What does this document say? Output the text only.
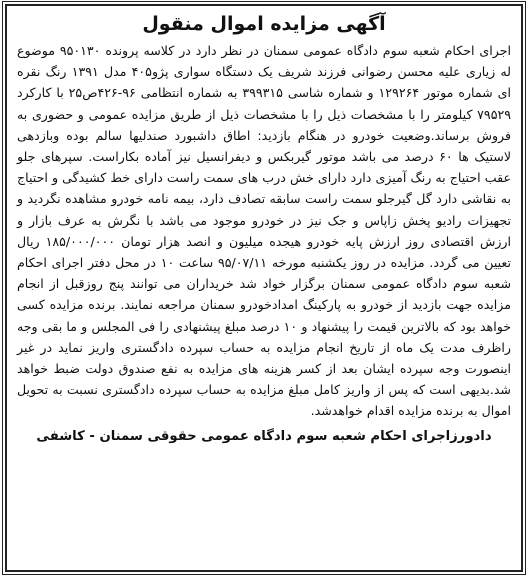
آگهی مزایده اموال منقول

اجرای احکام شعبه سوم دادگاه عمومی سمنان در نظر دارد در کلاسه پرونده ۹۵۰۱۳۰ موضوع له زیاری علیه محسن رضوانی فرزند شریف یک دستگاه سواری پژو۴۰۵ مدل ۱۳۹۱ رنگ نقره ای شماره موتور ۱۲۹۲۶۴ و شماره شاسی ۳۹۹۳۱۵ به شماره انتظامی ۹۶-۴۲۶ص۲۵ با کارکرد ۷۹۵۲۹ کیلومتر را با مشخصات ذیل را با مشخصات ذیل از طریق مزایده عمومی و حضوری به فروش برساند.وضعیت خودرو در هنگام بازدید: اطاق داشبورد صندلیها سالم بوده وبازدهی لاستیک ها ۶۰ درصد می باشد موتور گیربکس و دیفرانسیل نیز آماده بکاراست. سپرهای جلو عقب احتیاج به رنگ آمیزی دارد دارای خش درب های سمت راست دارای خط کشیدگی و احتیاج به نقاشی دارد گل گیرجلو سمت راست سابقه تصادف دارد، بیمه نامه خودرو مشاهده نگردید و تجهیزات رادیو پخش زاپاس و جک نیز در خودرو موجود می باشد با نگرش به عرف بازار و ارزش اقتصادی روز ارزش پایه خودرو هیجده میلیون و انصد هزار تومان ۱۸۵/۰۰۰/۰۰۰ ریال تعیین می گردد. مزایده در روز یکشنبه مورخه ۹۵/۰۷/۱۱ ساعت ۱۰ در محل دفتر اجرای احکام شعبه سوم دادگاه عمومی سمنان برگزار خواد شد خریداران می توانند پنج روزقبل از انجام مزایده جهت بازدید از خودرو به پارکینگ امدادخودرو سمنان مراجعه نمایند. برنده مزایده کسی خواهد بود که بالاترین قیمت را پیشنهاد و ۱۰ درصد مبلغ پیشنهادی را فی المجلس و ما بقی وجه راظرف مدت یک ماه از تاریخ انجام مزایده به حساب سپرده دادگستری واریز نماید در غیر اینصورت وجه سپرده ایشان بعد از کسر هزینه های مزایده به نفع صندوق دولت ضبط خواهد شد.بدیهی است که پس از واریز کامل مبلغ مزایده به حساب سپرده دادگستری نسبت به تحویل اموال به برنده مزایده اقدام خواهدشد.

دادورزاجرای احکام شعبه سوم دادگاه عمومی حقوقی سمنان - کاشفی
